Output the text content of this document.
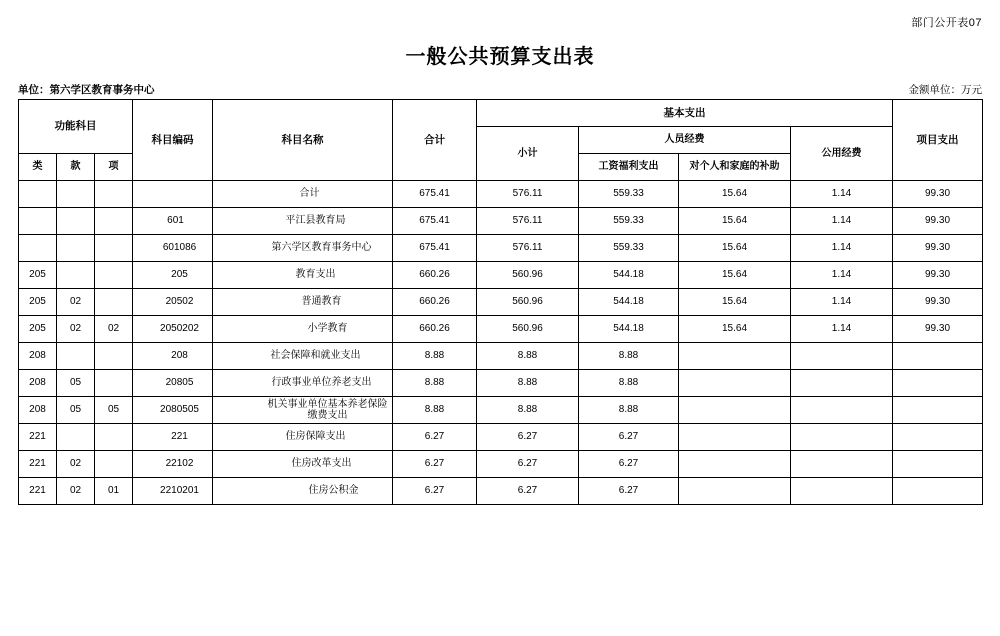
部门公开表07
一般公共预算支出表
单位：第六学区教育事务中心	金额单位：万元
功能科目			科目编码	科目名称	合计	基本支出				项目支出
						小计	人员经费		公用经费	
类	款	项					工资福利支出	对个人和家庭的补助		
				合计	675.41	576.11	559.33	15.64	1.14	99.30
			601	平江县教育局	675.41	576.11	559.33	15.64	1.14	99.30
			601086	第六学区教育事务中心	675.41	576.11	559.33	15.64	1.14	99.30
205			205	教育支出	660.26	560.96	544.18	15.64	1.14	99.30
205	02		20502	普通教育	660.26	560.96	544.18	15.64	1.14	99.30
205	02	02	2050202	小学教育	660.26	560.96	544.18	15.64	1.14	99.30
208			208	社会保障和就业支出	8.88	8.88	8.88			
208	05		20805	行政事业单位养老支出	8.88	8.88	8.88			
208	05	05	2080505	机关事业单位基本养老保险缴费支出	8.88	8.88	8.88			
221			221	住房保障支出	6.27	6.27	6.27			
221	02		22102	住房改革支出	6.27	6.27	6.27			
221	02	01	2210201	住房公积金	6.27	6.27	6.27			
